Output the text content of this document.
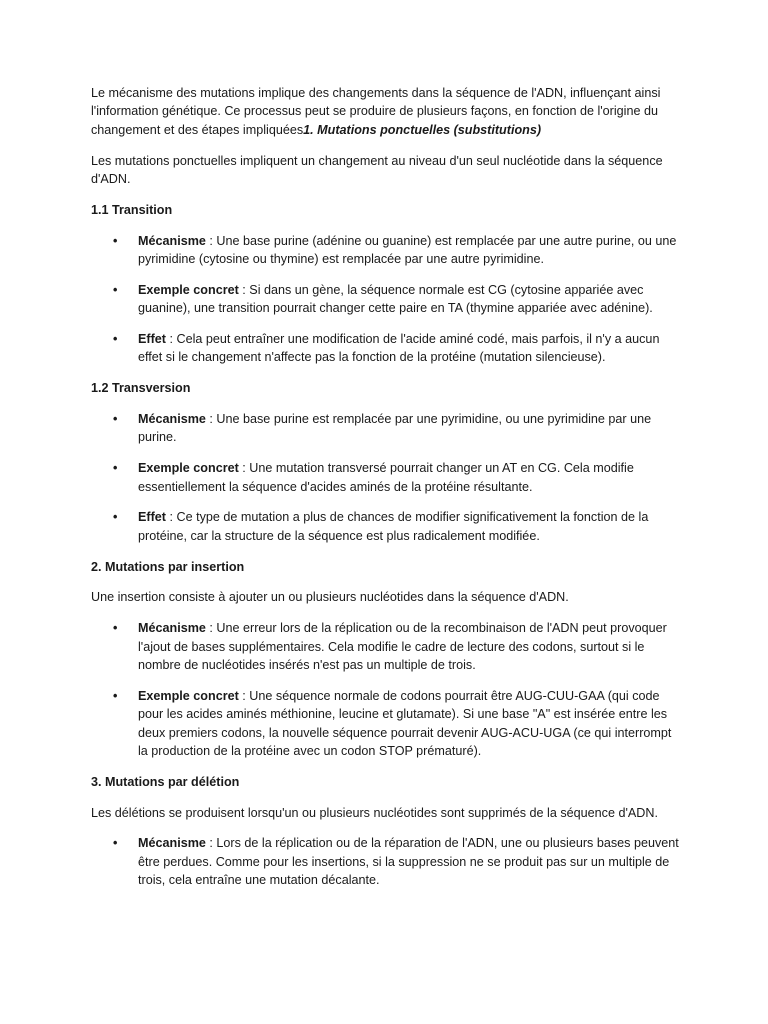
Le mécanisme des mutations implique des changements dans la séquence de l'ADN, influençant ainsi l'information génétique. Ce processus peut se produire de plusieurs façons, en fonction de l'origine du changement et des étapes impliquées1. Mutations ponctuelles (substitutions)

Les mutations ponctuelles impliquent un changement au niveau d'un seul nucléotide dans la séquence d'ADN.

1.1 Transition

• Mécanisme : Une base purine (adénine ou guanine) est remplacée par une autre purine, ou une pyrimidine (cytosine ou thymine) est remplacée par une autre pyrimidine.
• Exemple concret : Si dans un gène, la séquence normale est CG (cytosine appariée avec guanine), une transition pourrait changer cette paire en TA (thymine appariée avec adénine).
• Effet : Cela peut entraîner une modification de l'acide aminé codé, mais parfois, il n'y a aucun effet si le changement n'affecte pas la fonction de la protéine (mutation silencieuse).

1.2 Transversion

• Mécanisme : Une base purine est remplacée par une pyrimidine, ou une pyrimidine par une purine.
• Exemple concret : Une mutation transversé pourrait changer un AT en CG. Cela modifie essentiellement la séquence d'acides aminés de la protéine résultante.
• Effet : Ce type de mutation a plus de chances de modifier significativement la fonction de la protéine, car la structure de la séquence est plus radicalement modifiée.

2. Mutations par insertion

Une insertion consiste à ajouter un ou plusieurs nucléotides dans la séquence d'ADN.

• Mécanisme : Une erreur lors de la réplication ou de la recombinaison de l'ADN peut provoquer l'ajout de bases supplémentaires. Cela modifie le cadre de lecture des codons, surtout si le nombre de nucléotides insérés n'est pas un multiple de trois.
• Exemple concret : Une séquence normale de codons pourrait être AUG-CUU-GAA (qui code pour les acides aminés méthionine, leucine et glutamate). Si une base "A" est insérée entre les deux premiers codons, la nouvelle séquence pourrait devenir AUG-ACU-UGA (ce qui interrompt la production de la protéine avec un codon STOP prématuré).

3. Mutations par délétion

Les délétions se produisent lorsqu'un ou plusieurs nucléotides sont supprimés de la séquence d'ADN.

• Mécanisme : Lors de la réplication ou de la réparation de l'ADN, une ou plusieurs bases peuvent être perdues. Comme pour les insertions, si la suppression ne se produit pas sur un multiple de trois, cela entraîne une mutation décalante.
